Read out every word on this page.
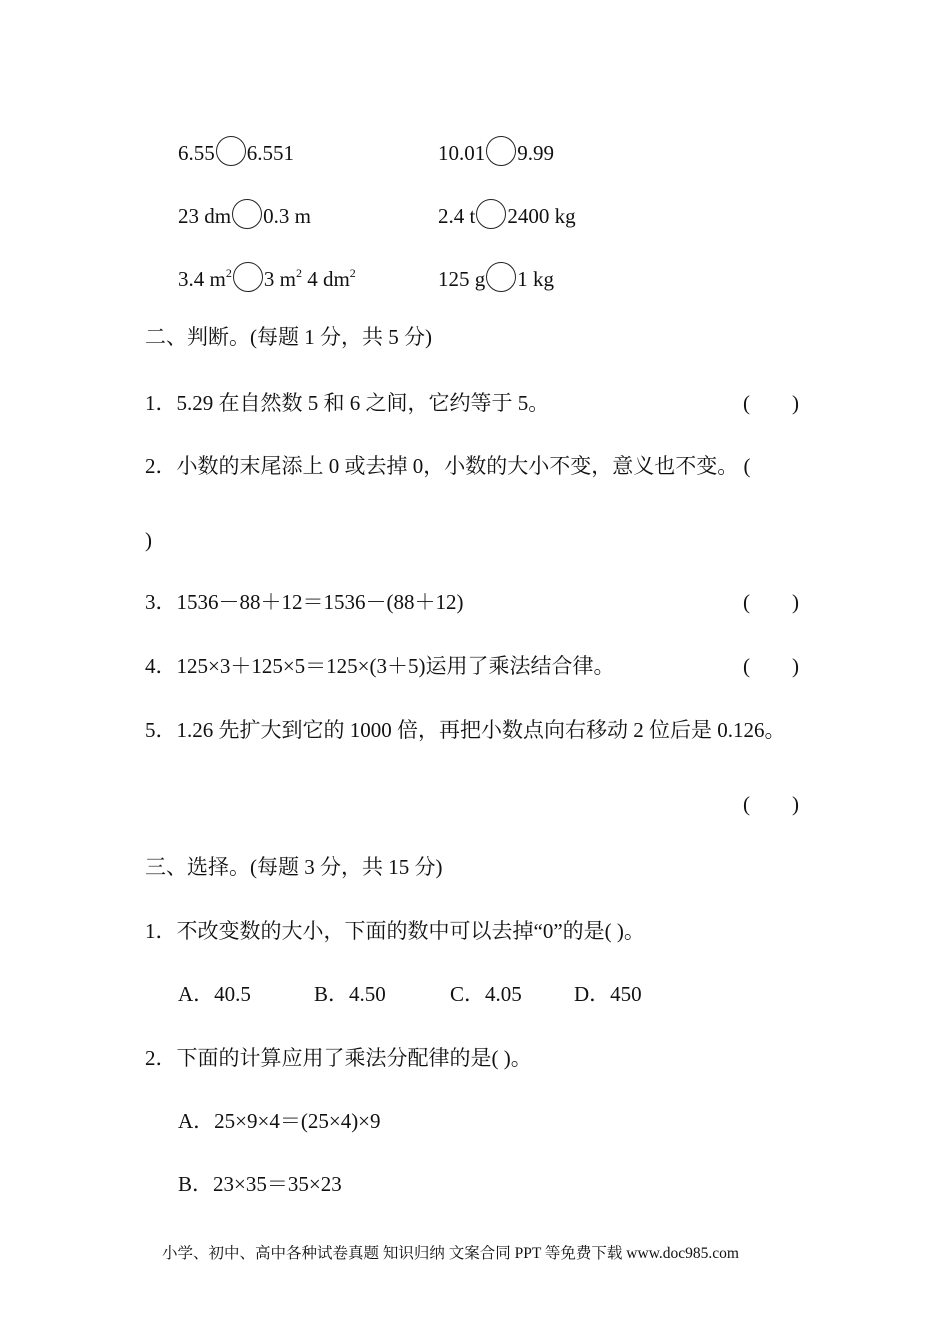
6.55 6.551	10.01 9.99
23 dm 0.3 m	2.4 t 2400 kg
3.4 $m^2$ 3 $m^2$ 4 $dm^2$	125 g 1 kg
二、判断。(每题 1 分，共 5 分)
1．5.29 在自然数 5 和 6 之间，它约等于 5。	(        )
2．小数的末尾添上 0 或去掉 0，小数的大小不变，意义也不变。 (
)
3．1536－88＋12＝1536－(88＋12)	(        )
4．125×3＋125×5＝125×(3＋5)运用了乘法结合律。	(        )
5．1.26 先扩大到它的 1000 倍，再把小数点向右移动 2 位后是 0.126。
(        )
三、选择。(每题 3 分，共 15 分)
1．不改变数的大小，下面的数中可以去掉“0”的是( )。
A．40.5	B．4.50	C．4.05 D．450
2．下面的计算应用了乘法分配律的是( )。
A．25×9×4＝(25×4)×9
B．23×35＝35×23
小学、初中、高中各种试卷真题 知识归纳 文案合同 PPT 等免费下载 www.doc985.com
